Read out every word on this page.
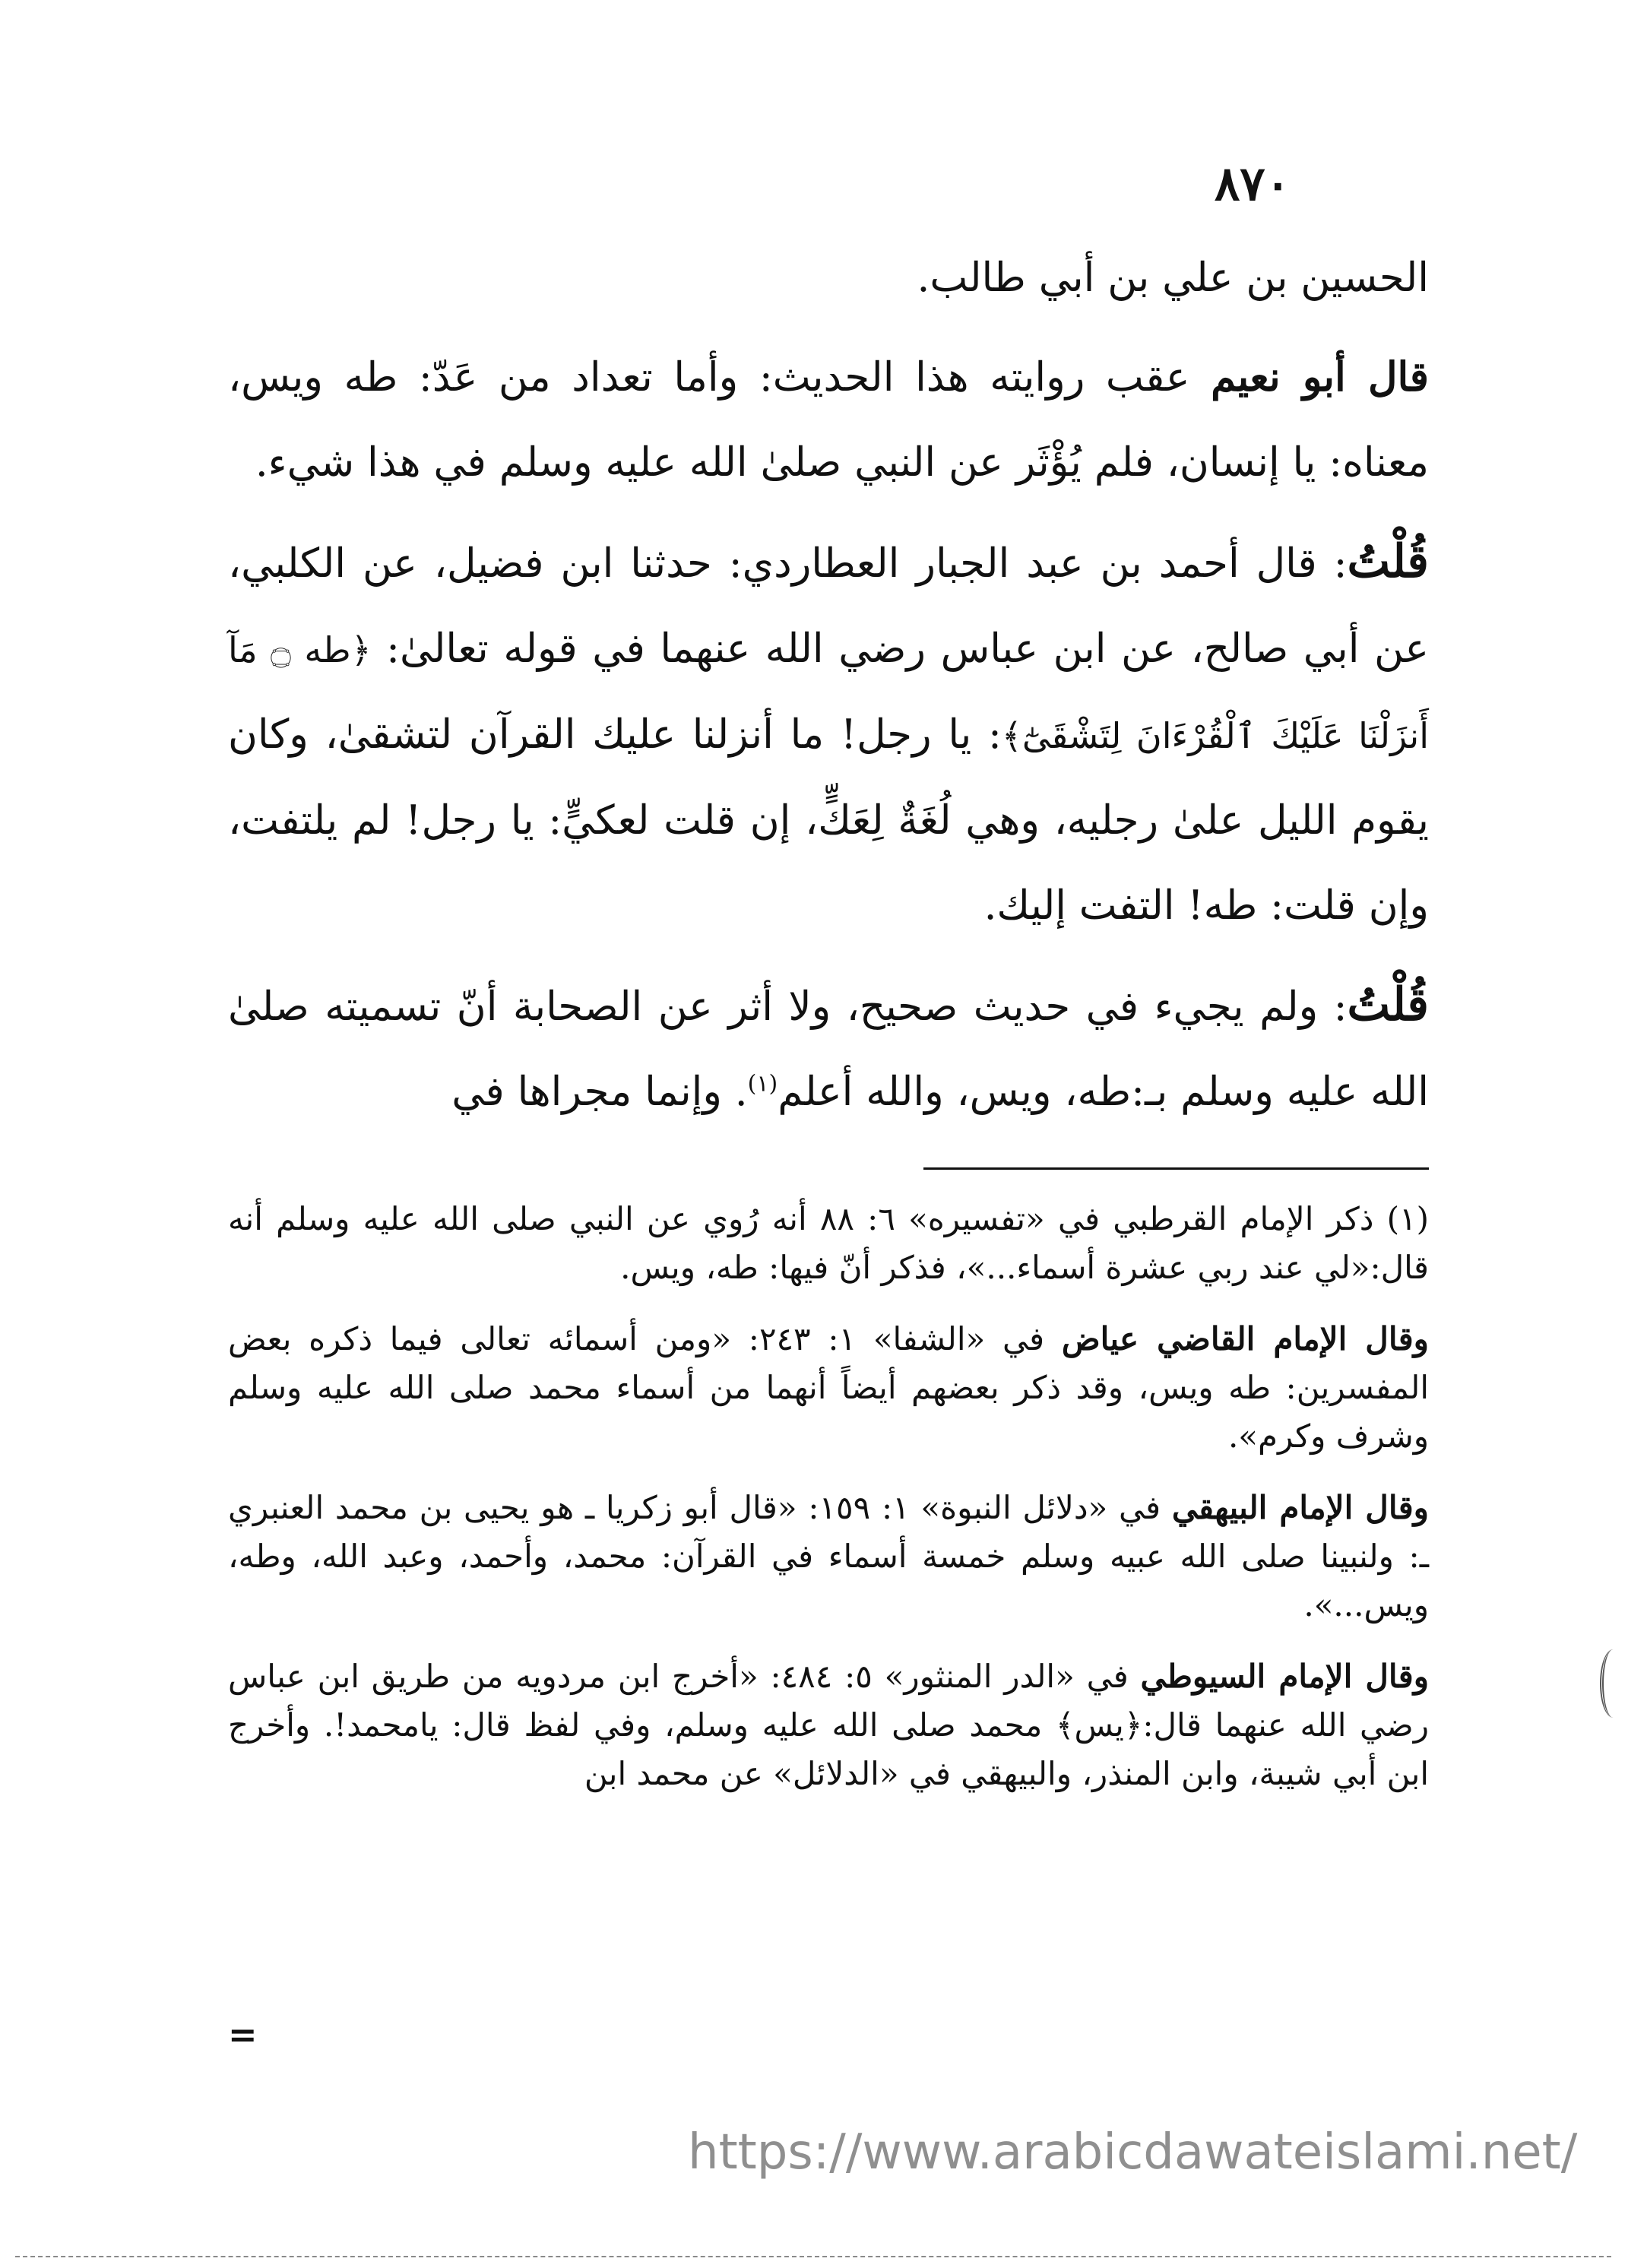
٨٧٠

الحسين بن علي بن أبي طالب.

قال أبو نعيم عقب روايته هذا الحديث: وأما تعداد من عَدّ: طه ويس، معناه: يا إنسان، فلم يُؤْثَر عن النبي صلىٰ الله عليه وسلم في هذا شيء.

قُلْتُ: قال أحمد بن عبد الجبار العطاردي: حدثنا ابن فضيل، عن الكلبي، عن أبي صالح، عن ابن عباس رضي الله عنهما في قوله تعالىٰ: ﴿طه ۝ مَآ أَنزَلْنَا عَلَيْكَ ٱلْقُرْءَانَ لِتَشْقَىٰٓ﴾: يا رجل! ما أنزلنا عليك القرآن لتشقىٰ، وكان يقوم الليل علىٰ رجليه، وهي لُغَةٌ لِعَكٍّ، إن قلت لعكيٍّ: يا رجل! لم يلتفت، وإن قلت: طه! التفت إليك.

قُلْتُ: ولم يجيء في حديث صحيح، ولا أثر عن الصحابة أنّ تسميته صلىٰ الله عليه وسلم بـ:طه، ويس، والله أعلم$^{(١)}$. وإنما مجراها في

(١) ذكر الإمام القرطبي في «تفسيره» ٦: ٨٨ أنه رُوي عن النبي صلى الله عليه وسلم أنه قال:«لي عند ربي عشرة أسماء...»، فذكر أنّ فيها: طه، ويس.

وقال الإمام القاضي عياض في «الشفا» ١: ٢٤٣: «ومن أسمائه تعالى فيما ذكره بعض المفسرين: طه ويس، وقد ذكر بعضهم أيضاً أنهما من أسماء محمد صلى الله عليه وسلم وشرف وكرم».

وقال الإمام البيهقي في «دلائل النبوة» ١: ١٥٩: «قال أبو زكريا ـ هو يحيى بن محمد العنبري ـ: ولنبينا صلى الله عبيه وسلم خمسة أسماء في القرآن: محمد، وأحمد، وعبد الله، وطه، ويس...».

وقال الإمام السيوطي في «الدر المنثور» ٥: ٤٨٤: «أخرج ابن مردويه من طريق ابن عباس رضي الله عنهما قال:﴿يس﴾ محمد صلى الله عليه وسلم، وفي لفظ قال: يامحمد!. وأخرج ابن أبي شيبة، وابن المنذر، والبيهقي في «الدلائل» عن محمد ابن

=
https://www.arabicdawateislami.net/
